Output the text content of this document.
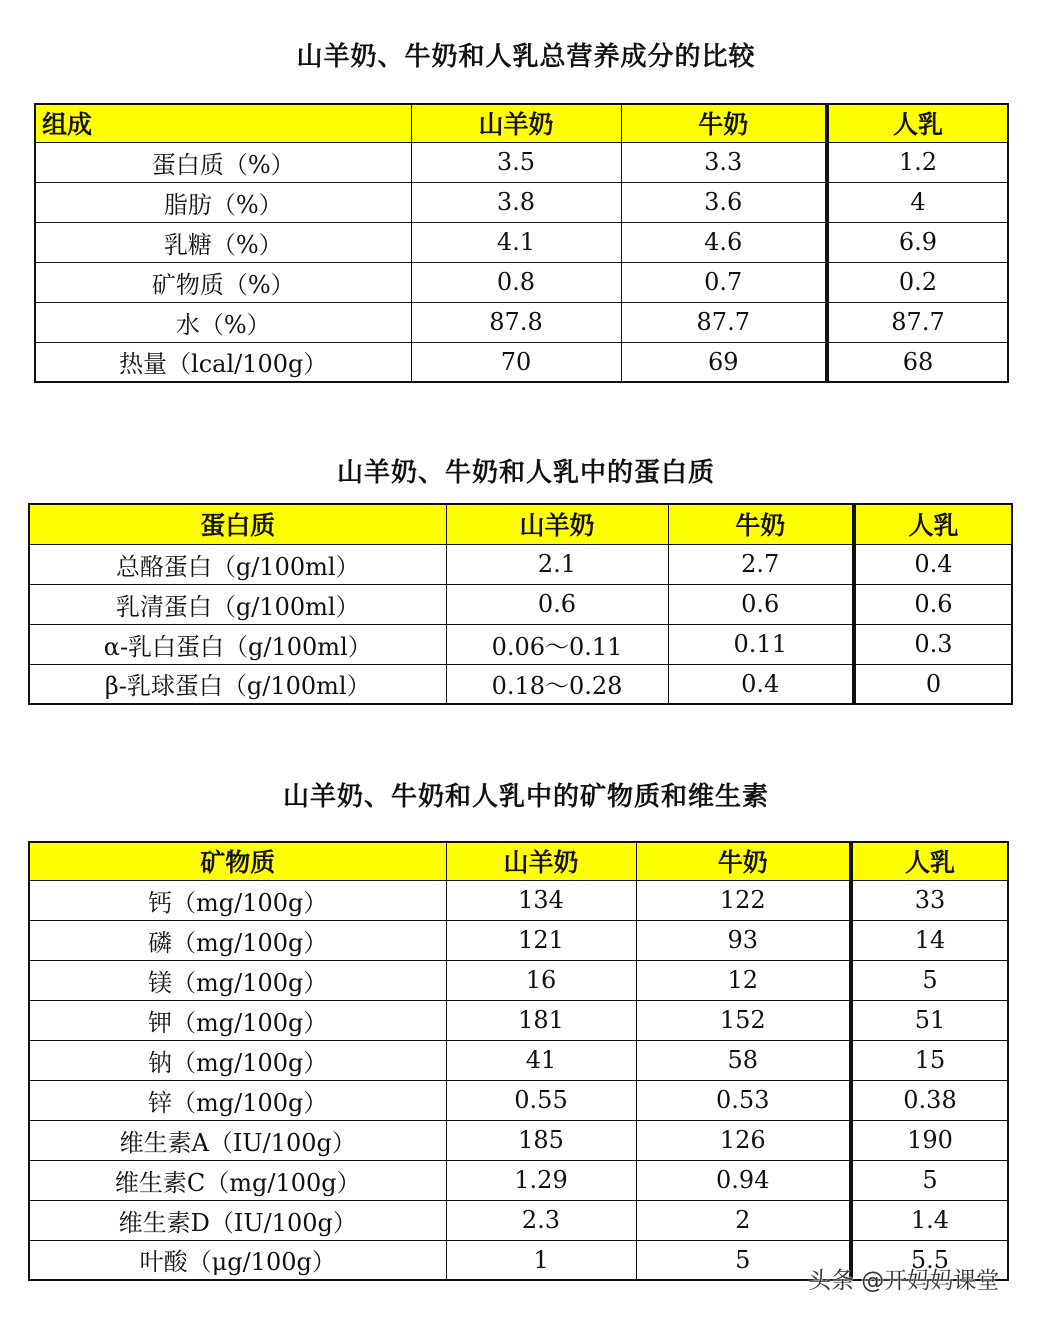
山羊奶、牛奶和人乳总营养成分的比较
组成	山羊奶	牛奶	人乳
蛋白质（%）	3.5	3.3	1.2
脂肪（%）	3.8	3.6	4
乳糖（%）	4.1	4.6	6.9
矿物质（%）	0.8	0.7	0.2
水（%）	87.8	87.7	87.7
热量（lcal/100g）	70	69	68
山羊奶、牛奶和人乳中的蛋白质
蛋白质	山羊奶	牛奶	人乳
总酪蛋白（g/100ml）	2.1	2.7	0.4
乳清蛋白（g/100ml）	0.6	0.6	0.6
α-乳白蛋白（g/100ml）	0.06～0.11	0.11	0.3
β-乳球蛋白（g/100ml）	0.18～0.28	0.4	0
山羊奶、牛奶和人乳中的矿物质和维生素
矿物质	山羊奶	牛奶	人乳
钙（mg/100g）	134	122	33
磷（mg/100g）	121	93	14
镁（mg/100g）	16	12	5
钾（mg/100g）	181	152	51
钠（mg/100g）	41	58	15
锌（mg/100g）	0.55	0.53	0.38
维生素A（IU/100g）	185	126	190
维生素C（mg/100g）	1.29	0.94	5
维生素D（IU/100g）	2.3	2	1.4
叶酸（μg/100g）	1	5	5.5
头条 @开妈妈课堂
